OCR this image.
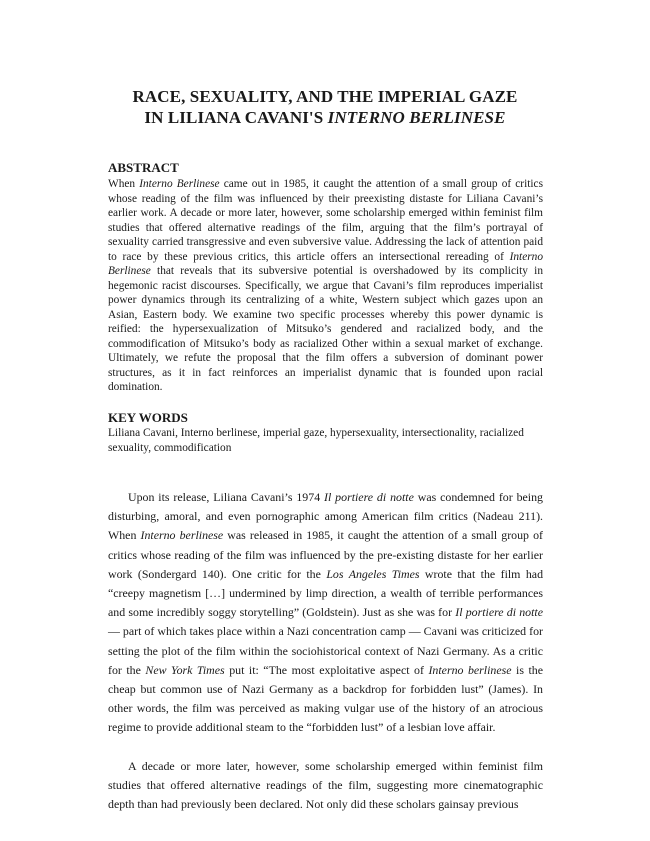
RACE, SEXUALITY, AND THE IMPERIAL GAZE
IN LILIANA CAVANI'S INTERNO BERLINESE
ABSTRACT
When Interno Berlinese came out in 1985, it caught the attention of a small group of critics whose reading of the film was influenced by their preexisting distaste for Liliana Cavani’s earlier work. A decade or more later, however, some scholarship emerged within feminist film studies that offered alternative readings of the film, arguing that the film’s portrayal of sexuality carried transgressive and even subversive value. Addressing the lack of attention paid to race by these previous critics, this article offers an intersectional rereading of Interno Berlinese that reveals that its subversive potential is overshadowed by its complicity in hegemonic racist discourses. Specifically, we argue that Cavani’s film reproduces imperialist power dynamics through its centralizing of a white, Western subject which gazes upon an Asian, Eastern body. We examine two specific processes whereby this power dynamic is reified: the hypersexualization of Mitsuko’s gendered and racialized body, and the commodification of Mitsuko’s body as racialized Other within a sexual market of exchange. Ultimately, we refute the proposal that the film offers a subversion of dominant power structures, as it in fact reinforces an imperialist dynamic that is founded upon racial domination.
KEY WORDS
Liliana Cavani, Interno berlinese, imperial gaze, hypersexuality, intersectionality, racialized sexuality, commodification

Upon its release, Liliana Cavani’s 1974 Il portiere di notte was condemned for being disturbing, amoral, and even pornographic among American film critics (Nadeau 211). When Interno berlinese was released in 1985, it caught the attention of a small group of critics whose reading of the film was influenced by the pre-existing distaste for her earlier work (Sondergard 140). One critic for the Los Angeles Times wrote that the film had “creepy magnetism […] undermined by limp direction, a wealth of terrible performances and some incredibly soggy storytelling” (Goldstein). Just as she was for Il portiere di notte — part of which takes place within a Nazi concentration camp — Cavani was criticized for setting the plot of the film within the sociohistorical context of Nazi Germany. As a critic for the New York Times put it: “The most exploitative aspect of Interno berlinese is the cheap but common use of Nazi Germany as a backdrop for forbidden lust” (James). In other words, the film was perceived as making vulgar use of the history of an atrocious regime to provide additional steam to the “forbidden lust” of a lesbian love affair.

A decade or more later, however, some scholarship emerged within feminist film studies that offered alternative readings of the film, suggesting more cinematographic depth than had previously been declared. Not only did these scholars gainsay previous
